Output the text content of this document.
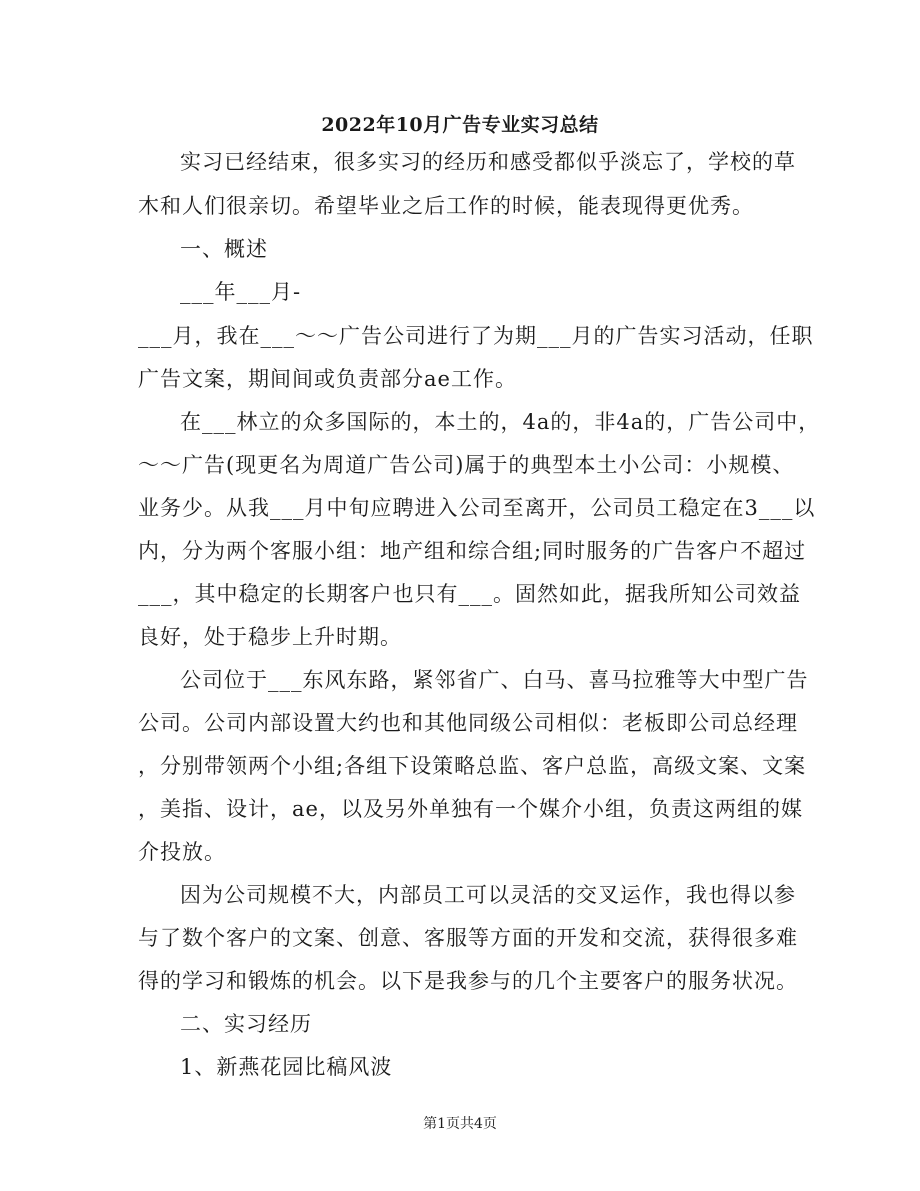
2022年10月广告专业实习总结
实习已经结束，很多实习的经历和感受都似乎淡忘了，学校的草
木和人们很亲切。希望毕业之后工作的时候，能表现得更优秀。
一、概述
___年___月-
___月，我在___～～广告公司进行了为期___月的广告实习活动，任职
广告文案，期间间或负责部分ae工作。
在___林立的众多国际的，本土的，4a的，非4a的，广告公司中，
～～广告(现更名为周道广告公司)属于的典型本土小公司：小规模、
业务少。从我___月中旬应聘进入公司至离开，公司员工稳定在3___以
内，分为两个客服小组：地产组和综合组;同时服务的广告客户不超过
___，其中稳定的长期客户也只有___。固然如此，据我所知公司效益
良好，处于稳步上升时期。
公司位于___东风东路，紧邻省广、白马、喜马拉雅等大中型广告
公司。公司内部设置大约也和其他同级公司相似：老板即公司总经理
，分别带领两个小组;各组下设策略总监、客户总监，高级文案、文案
，美指、设计，ae，以及另外单独有一个媒介小组，负责这两组的媒
介投放。
因为公司规模不大，内部员工可以灵活的交叉运作，我也得以参
与了数个客户的文案、创意、客服等方面的开发和交流，获得很多难
得的学习和锻炼的机会。以下是我参与的几个主要客户的服务状况。
二、实习经历
1、新燕花园比稿风波
第1页共4页
